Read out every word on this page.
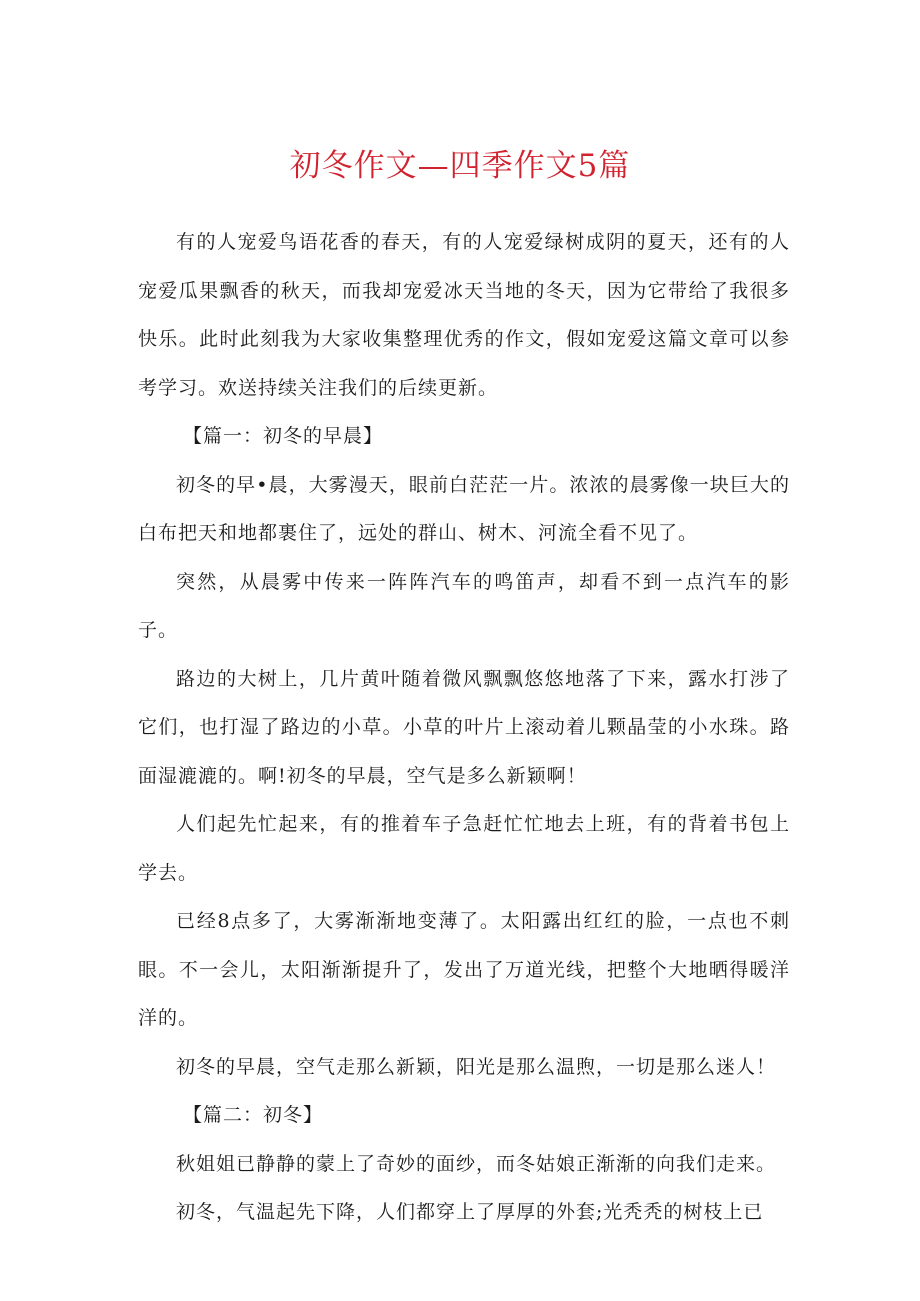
初冬作文—四季作文5篇

有的人宠爱鸟语花香的春天，有的人宠爱绿树成阴的夏天，还有的人宠爱瓜果飘香的秋天，而我却宠爱冰天当地的冬天，因为它带给了我很多快乐。此时此刻我为大家收集整理优秀的作文，假如宠爱这篇文章可以参考学习。欢送持续关注我们的后续更新。

【篇一：初冬的早晨】

初冬的早•晨，大雾漫天，眼前白茫茫一片。浓浓的晨雾像一块巨大的白布把天和地都裹住了，远处的群山、树木、河流全看不见了。

突然，从晨雾中传来一阵阵汽车的鸣笛声，却看不到一点汽车的影子。

路边的大树上，几片黄叶随着微风飘飘悠悠地落了下来，露水打涉了它们，也打湿了路边的小草。小草的叶片上滚动着儿颗晶莹的小水珠。路面湿漉漉的。啊!初冬的早晨，空气是多么新颖啊！

人们起先忙起来，有的推着车子急赶忙忙地去上班，有的背着书包上学去。

已经8点多了，大雾渐渐地变薄了。太阳露出红红的脸，一点也不刺眼。不一会儿，太阳渐渐提升了，发出了万道光线，把整个大地晒得暖洋洋的。

初冬的早晨，空气走那么新颖，阳光是那么温煦，一切是那么迷人！

【篇二：初冬】

秋姐姐已静静的蒙上了奇妙的面纱，而冬姑娘正渐渐的向我们走来。

初冬，气温起先下降，人们都穿上了厚厚的外套;光秃秃的树枝上已
